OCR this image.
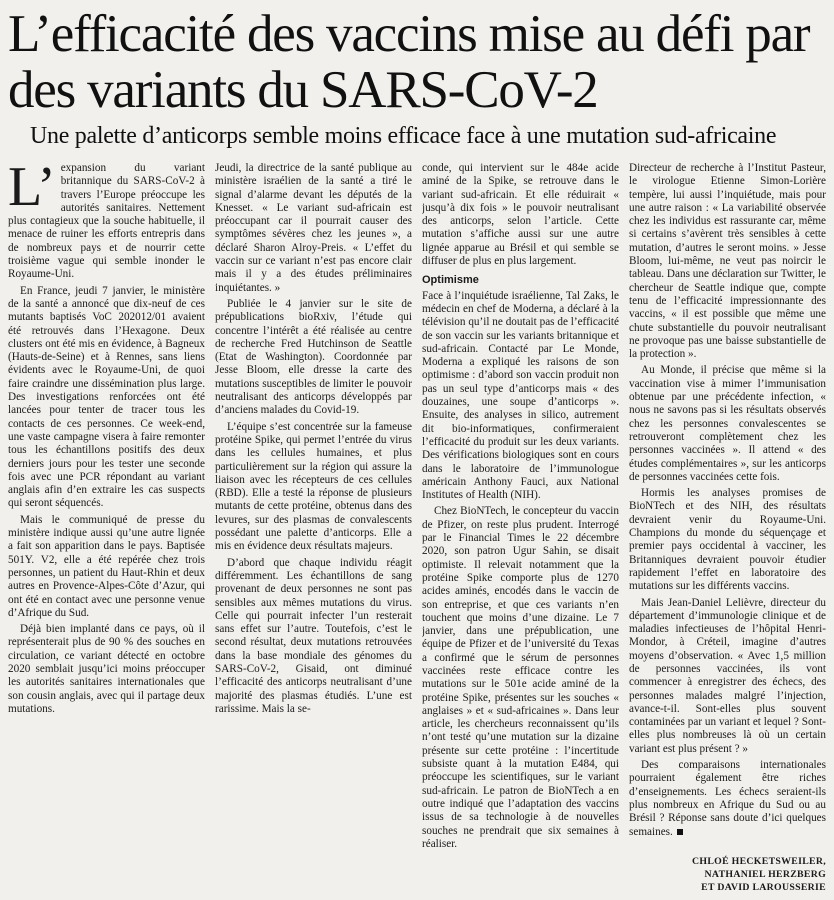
L’efficacité des vaccins mise au défi par des variants du SARS-CoV-2
Une palette d’anticorps semble moins efficace face à une mutation sud-africaine

L’ expansion du variant britannique du SARS-CoV-2 à travers l’Europe préoccupe les autorités sanitaires. Nettement plus contagieux que la souche habituelle, il menace de ruiner les efforts entrepris dans de nombreux pays et de nourrir cette troisième vague qui semble inonder le Royaume-Uni.

En France, jeudi 7 janvier, le ministère de la santé a annoncé que dix-neuf de ces mutants baptisés VoC 202012/01 avaient été retrouvés dans l’Hexagone. Deux clusters ont été mis en évidence, à Bagneux (Hauts-de-Seine) et à Rennes, sans liens évidents avec le Royaume-Uni, de quoi faire craindre une dissémination plus large. Des investigations renforcées ont été lancées pour tenter de tracer tous les contacts de ces personnes. Ce week-end, une vaste campagne visera à faire remonter tous les échantillons positifs des deux derniers jours pour les tester une seconde fois avec une PCR répondant au variant anglais afin d’en extraire les cas suspects qui seront séquencés.

Mais le communiqué de presse du ministère indique aussi qu’une autre lignée a fait son apparition dans le pays. Baptisée 501Y. V2, elle a été repérée chez trois personnes, un patient du Haut-Rhin et deux autres en Provence-Alpes-Côte d’Azur, qui ont été en contact avec une personne venue d’Afrique du Sud.

Déjà bien implanté dans ce pays, où il représenterait plus de 90 % des souches en circulation, ce variant détecté en octobre 2020 semblait jusqu’ici moins préoccuper les autorités sanitaires internationales que son cousin anglais, avec qui il partage deux mutations.

Jeudi, la directrice de la santé publique au ministère israélien de la santé a tiré le signal d’alarme devant les députés de la Knesset. « Le variant sud-africain est préoccupant car il pourrait causer des symptômes sévères chez les jeunes », a déclaré Sharon Alroy-Preis. « L’effet du vaccin sur ce variant n’est pas encore clair mais il y a des études préliminaires inquiétantes. »

Publiée le 4 janvier sur le site de prépublications bioRxiv, l’étude qui concentre l’intérêt a été réalisée au centre de recherche Fred Hutchinson de Seattle (Etat de Washington). Coordonnée par Jesse Bloom, elle dresse la carte des mutations susceptibles de limiter le pouvoir neutralisant des anticorps développés par d’anciens malades du Covid-19.

L’équipe s’est concentrée sur la fameuse protéine Spike, qui permet l’entrée du virus dans les cellules humaines, et plus particulièrement sur la région qui assure la liaison avec les récepteurs de ces cellules (RBD). Elle a testé la réponse de plusieurs mutants de cette protéine, obtenus dans des levures, sur des plasmas de convalescents possédant une palette d’anticorps. Elle a mis en évidence deux résultats majeurs.

D’abord que chaque individu réagit différemment. Les échantillons de sang provenant de deux personnes ne sont pas sensibles aux mêmes mutations du virus. Celle qui pourrait infecter l’un resterait sans effet sur l’autre. Toutefois, c’est le second résultat, deux mutations retrouvées dans la base mondiale des génomes du SARS-CoV-2, Gisaid, ont diminué l’efficacité des anticorps neutralisant d’une majorité des plasmas étudiés. L’une est rarissime. Mais la se-

conde, qui intervient sur le 484e acide aminé de la Spike, se retrouve dans le variant sud-africain. Et elle réduirait « jusqu’à dix fois » le pouvoir neutralisant des anticorps, selon l’article. Cette mutation s’affiche aussi sur une autre lignée apparue au Brésil et qui semble se diffuser de plus en plus largement.

Optimisme

Face à l’inquiétude israélienne, Tal Zaks, le médecin en chef de Moderna, a déclaré à la télévision qu’il ne doutait pas de l’efficacité de son vaccin sur les variants britannique et sud-africain. Contacté par Le Monde, Moderna a expliqué les raisons de son optimisme : d’abord son vaccin produit non pas un seul type d’anticorps mais « des douzaines, une soupe d’anticorps ». Ensuite, des analyses in silico, autrement dit bio-informatiques, confirmeraient l’efficacité du produit sur les deux variants. Des vérifications biologiques sont en cours dans le laboratoire de l’immunologue américain Anthony Fauci, aux National Institutes of Health (NIH).

Chez BioNTech, le concepteur du vaccin de Pfizer, on reste plus prudent. Interrogé par le Financial Times le 22 décembre 2020, son patron Ugur Sahin, se disait optimiste. Il relevait notamment que la protéine Spike comporte plus de 1270 acides aminés, encodés dans le vaccin de son entreprise, et que ces variants n’en touchent que moins d’une dizaine. Le 7 janvier, dans une prépublication, une équipe de Pfizer et de l’université du Texas a confirmé que le sérum de personnes vaccinées reste efficace contre les mutations sur le 501e acide aminé de la protéine Spike, présentes sur les souches « anglaises » et « sud-africaines ». Dans leur article, les chercheurs reconnaissent qu’ils n’ont testé qu’une mutation sur la dizaine présente sur cette protéine : l’incertitude subsiste quant à la mutation E484, qui préoccupe les scientifiques, sur le variant sud-africain. Le patron de BioNTech a en outre indiqué que l’adaptation des vaccins issus de sa technologie à de nouvelles souches ne prendrait que six semaines à réaliser.

Directeur de recherche à l’Institut Pasteur, le virologue Etienne Simon-Lorière tempère, lui aussi l’inquiétude, mais pour une autre raison : « La variabilité observée chez les individus est rassurante car, même si certains s’avèrent très sensibles à cette mutation, d’autres le seront moins. » Jesse Bloom, lui-même, ne veut pas noircir le tableau. Dans une déclaration sur Twitter, le chercheur de Seattle indique que, compte tenu de l’efficacité impressionnante des vaccins, « il est possible que même une chute substantielle du pouvoir neutralisant ne provoque pas une baisse substantielle de la protection ».

Au Monde, il précise que même si la vaccination vise à mimer l’immunisation obtenue par une précédente infection, « nous ne savons pas si les résultats observés chez les personnes convalescentes se retrouveront complètement chez les personnes vaccinées ». Il attend « des études complémentaires », sur les anticorps de personnes vaccinées cette fois.

Hormis les analyses promises de BioNTech et des NIH, des résultats devraient venir du Royaume-Uni. Champions du monde du séquençage et premier pays occidental à vacciner, les Britanniques devraient pouvoir étudier rapidement l’effet en laboratoire des mutations sur les différents vaccins.

Mais Jean-Daniel Lelièvre, directeur du département d’immunologie clinique et de maladies infectieuses de l’hôpital Henri-Mondor, à Créteil, imagine d’autres moyens d’observation. « Avec 1,5 million de personnes vaccinées, ils vont commencer à enregistrer des échecs, des personnes malades malgré l’injection, avance-t-il. Sont-elles plus souvent contaminées par un variant et lequel ? Sont-elles plus nombreuses là où un certain variant est plus présent ? »

Des comparaisons internationales pourraient également être riches d’enseignements. Les échecs seraient-ils plus nombreux en Afrique du Sud ou au Brésil ? Réponse sans doute d’ici quelques semaines.

CHLOÉ HECKETSWEILER,
NATHANIEL HERZBERG
ET DAVID LAROUSSERIE
